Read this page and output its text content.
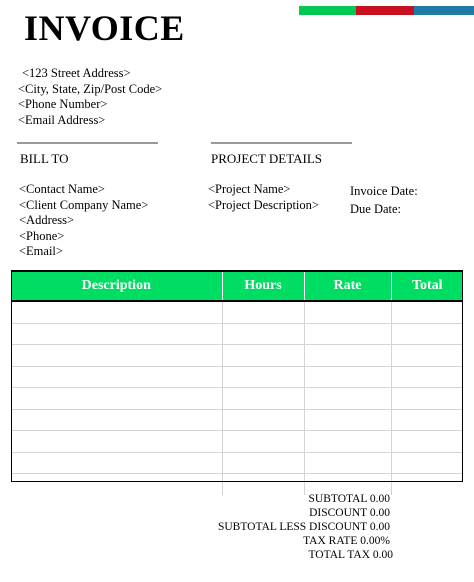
INVOICE
<123 Street Address>
<City, State, Zip/Post Code>
<Phone Number>
<Email Address>
BILL TO	PROJECT DETAILS
<Contact Name>
<Client Company Name>
<Address>
<Phone>
<Email>
<Project Name>
<Project Description>
Invoice Date:
Due Date:
Description	Hours	Rate	Total

SUBTOTAL 0.00
DISCOUNT 0.00
SUBTOTAL LESS DISCOUNT 0.00
TAX RATE 0.00%
TOTAL TAX 0.00
